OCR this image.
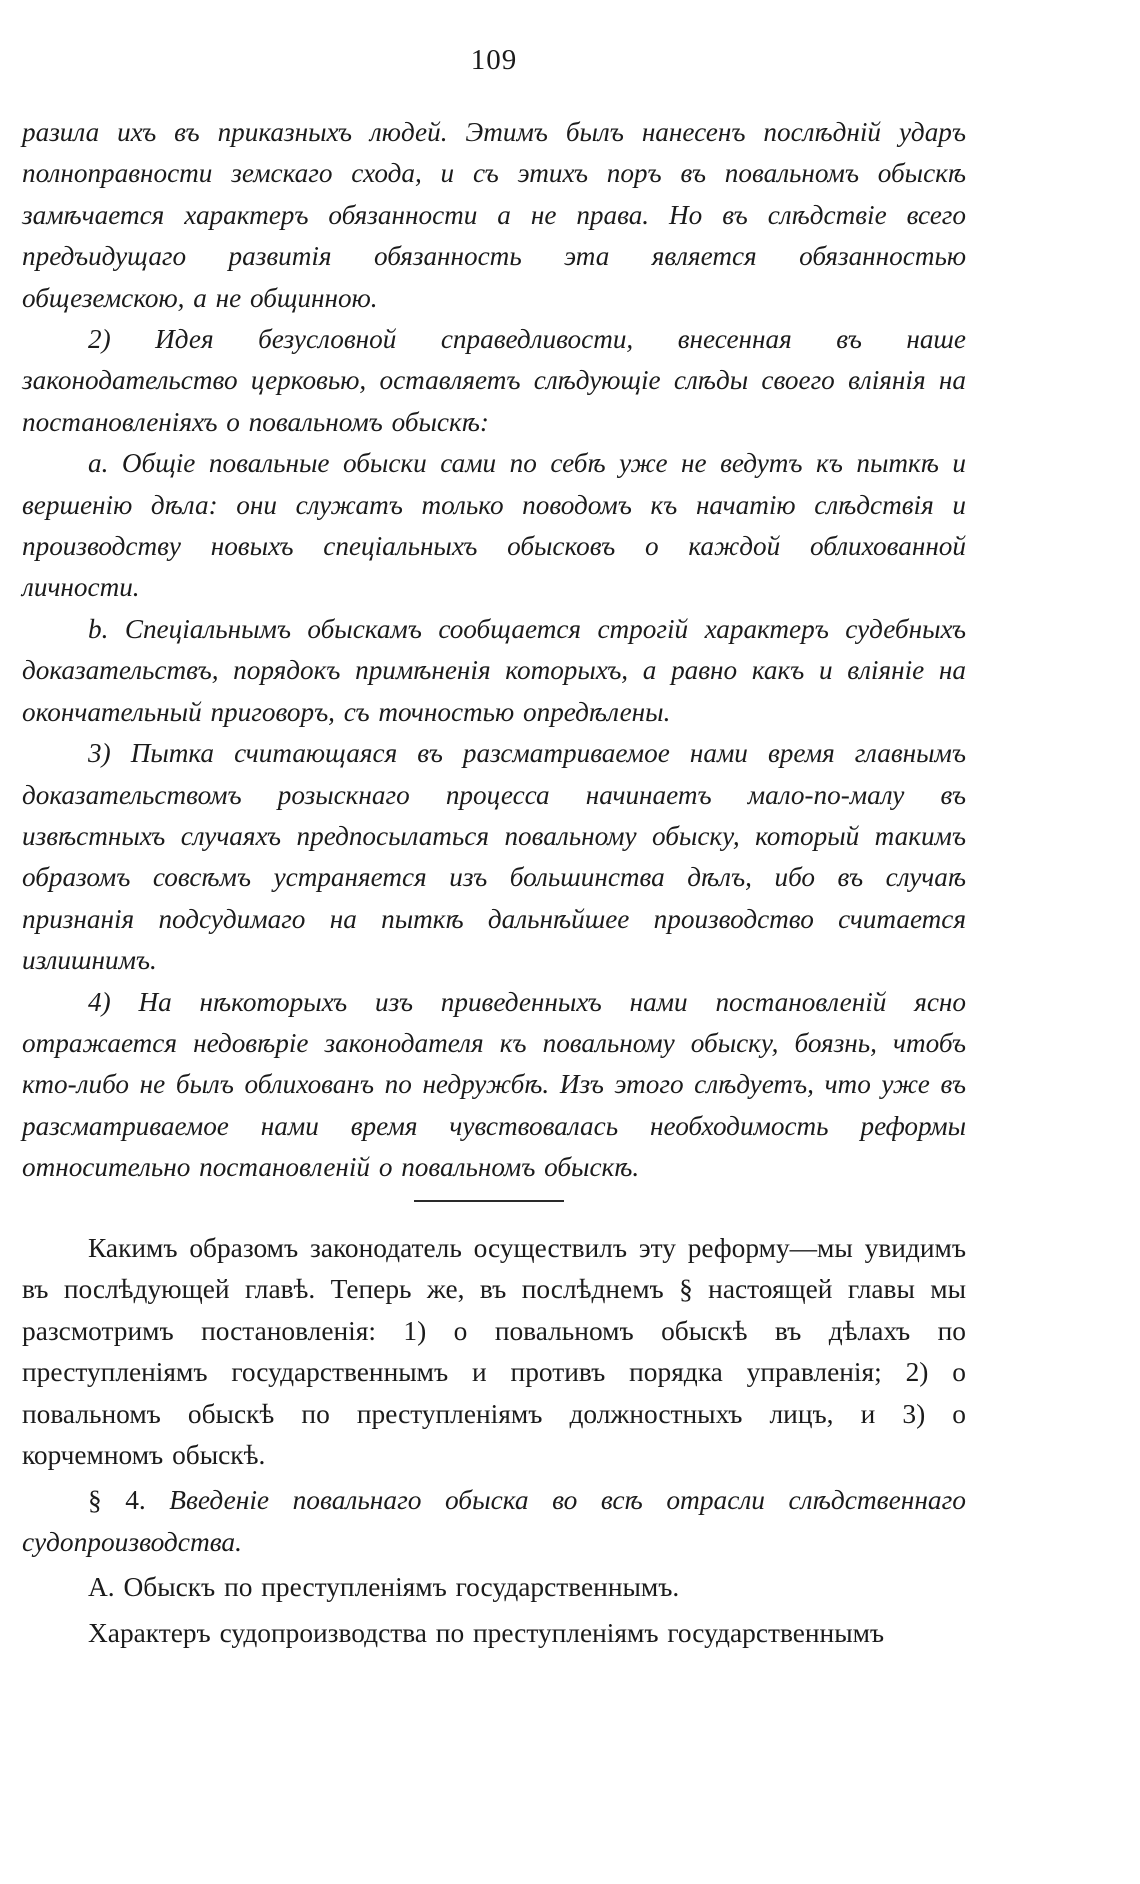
109

разила ихъ въ приказныхъ людей. Этимъ былъ нанесенъ послѣдній ударъ полноправности земскаго схода, и съ этихъ поръ въ повальномъ обыскѣ замѣчается характеръ обязанности а не права. Но въ слѣдствіе всего предъидущаго развитія обязанность эта является обязанностью общеземскою, а не общинною.

2) Идея безусловной справедливости, внесенная въ наше законодательство церковью, оставляетъ слѣдующіе слѣды своего вліянія на постановленіяхъ о повальномъ обыскѣ:

a. Общіе повальные обыски сами по себѣ уже не ведутъ къ пыткѣ и вершенію дѣла: они служатъ только поводомъ къ начатію слѣдствія и производству новыхъ спеціальныхъ обысковъ о каждой облихованной личности.

b. Спеціальнымъ обыскамъ сообщается строгій характеръ судебныхъ доказательствъ, порядокъ примѣненія которыхъ, а равно какъ и вліяніе на окончательный приговоръ, съ точностью опредѣлены.

3) Пытка считающаяся въ разсматриваемое нами время главнымъ доказательствомъ розыскнаго процесса начинаетъ мало-по-малу въ извѣстныхъ случаяхъ предпосылаться повальному обыску, который такимъ образомъ совсѣмъ устраняется изъ большинства дѣлъ, ибо въ случаѣ признанія подсудимаго на пыткѣ дальнѣйшее производство считается излишнимъ.

4) На нѣкоторыхъ изъ приведенныхъ нами постановленій ясно отражается недовѣріе законодателя къ повальному обыску, боязнь, чтобъ кто-либо не былъ облихованъ по недружбѣ. Изъ этого слѣдуетъ, что уже въ разсматриваемое нами время чувствовалась необходимость реформы относительно постановленій о повальномъ обыскѣ.

Какимъ образомъ законодатель осуществилъ эту реформу—мы увидимъ въ послѣдующей главѣ. Теперь же, въ послѣднемъ § настоящей главы мы разсмотримъ постановленія: 1) о повальномъ обыскѣ въ дѣлахъ по преступленіямъ государственнымъ и противъ порядка управленія; 2) о повальномъ обыскѣ по преступленіямъ должностныхъ лицъ, и 3) о корчемномъ обыскѣ.

§ 4. Введеніе повальнаго обыска во всѣ отрасли слѣдственнаго судопроизводства.

А. Обыскъ по преступленіямъ государственнымъ.

Характеръ судопроизводства по преступленіямъ государственнымъ
